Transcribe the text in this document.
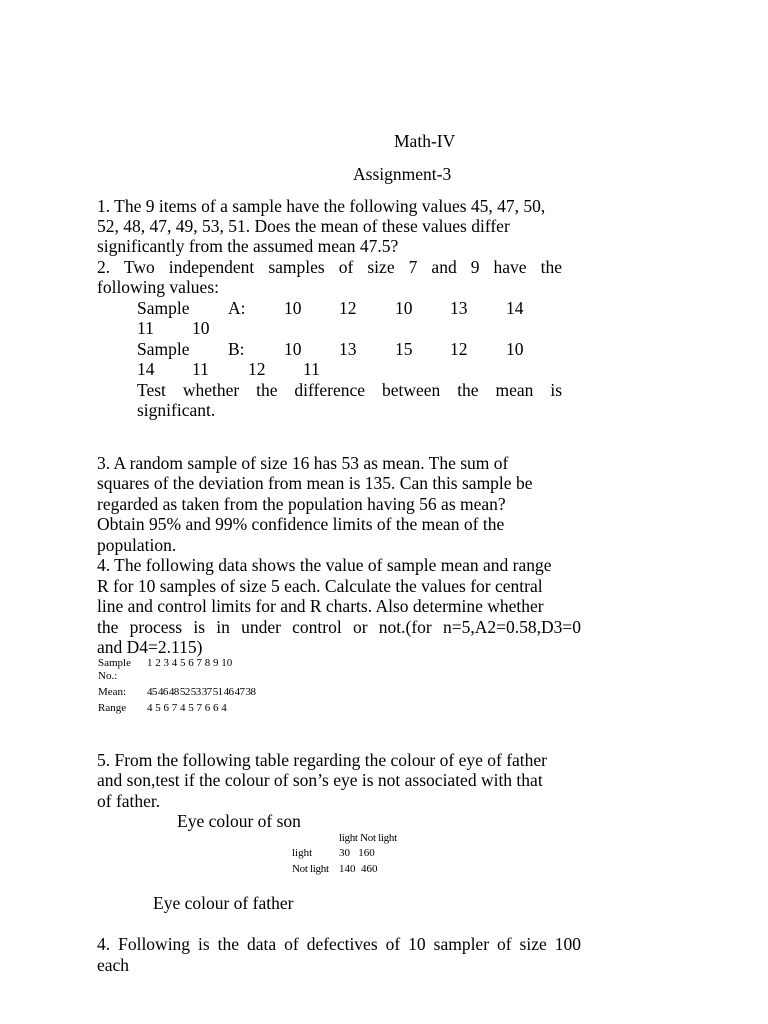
Math-IV
Assignment-3
1. The 9 items of a sample have the following values 45, 47, 50,
52, 48, 47, 49, 53, 51. Does the mean of these values differ
significantly from the assumed mean 47.5?
2. Two independent samples of size 7 and 9 have the
following values:
Sample A: 10 12 10 13 14
11 10
Sample B: 10 13 15 12 10
14 11 12 11
Test whether the difference between the mean is
significant.
3. A random sample of size 16 has 53 as mean. The sum of
squares of the deviation from mean is 135. Can this sample be
regarded as taken from the population having 56 as mean?
Obtain 95% and 99% confidence limits of the mean of the
population.
4. The following data shows the value of sample mean and range
R for 10 samples of size 5 each. Calculate the values for central
line and control limits for and R charts. Also determine whether
the process is in under control or not.(for n=5,A2=0.58,D3=0
and D4=2.115)
Sample
No.:
1 2 3 4 5 6 7 8 9 10
Mean: 45 46 48 52 53 37 51 46 47 38
Range 4 5 6 7 4 5 7 6 6 4
5. From the following table regarding the colour of eye of father
and son,test if the colour of son’s eye is not associated with that
of father.
Eye colour of son
light Not light
light 30   160
Not light 140  460
Eye colour of father
4. Following is the data of defectives of 10 sampler of size 100
each
